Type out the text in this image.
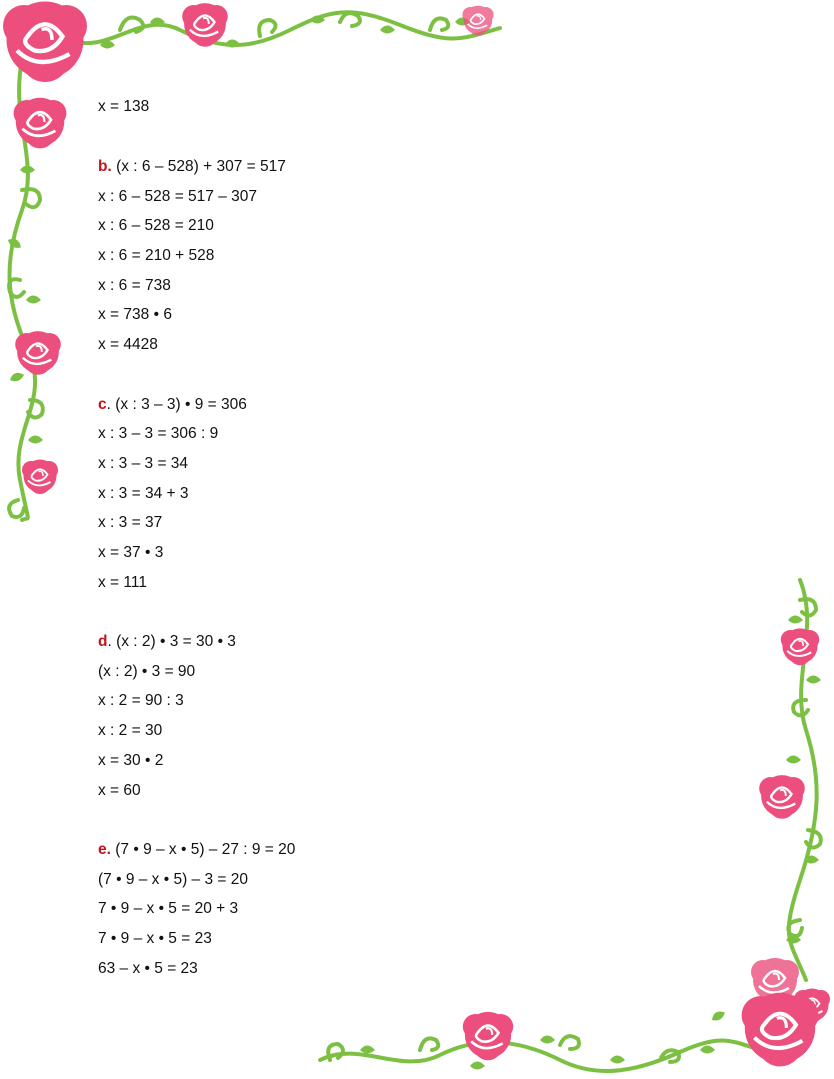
x = 138
b. (x : 6 – 528) + 307 = 517
x : 6 – 528 = 517 – 307
x : 6 – 528 = 210
x : 6 = 210 + 528
x : 6 = 738
x = 738 • 6
x = 4428
c. (x : 3 – 3) • 9 = 306
x : 3 – 3 = 306 : 9
x : 3 – 3 = 34
x : 3 = 34 + 3
x : 3 = 37
x = 37 • 3
x = 111
d. (x : 2) • 3 = 30 • 3
(x : 2) • 3 = 90
x : 2 = 90 : 3
x : 2 = 30
x = 30 • 2
x = 60
e. (7 • 9 – x • 5) – 27 : 9 = 20
(7 • 9 – x • 5) – 3 = 20
7 • 9 – x • 5 = 20 + 3
7 • 9 – x • 5 = 23
63 – x • 5 = 23
